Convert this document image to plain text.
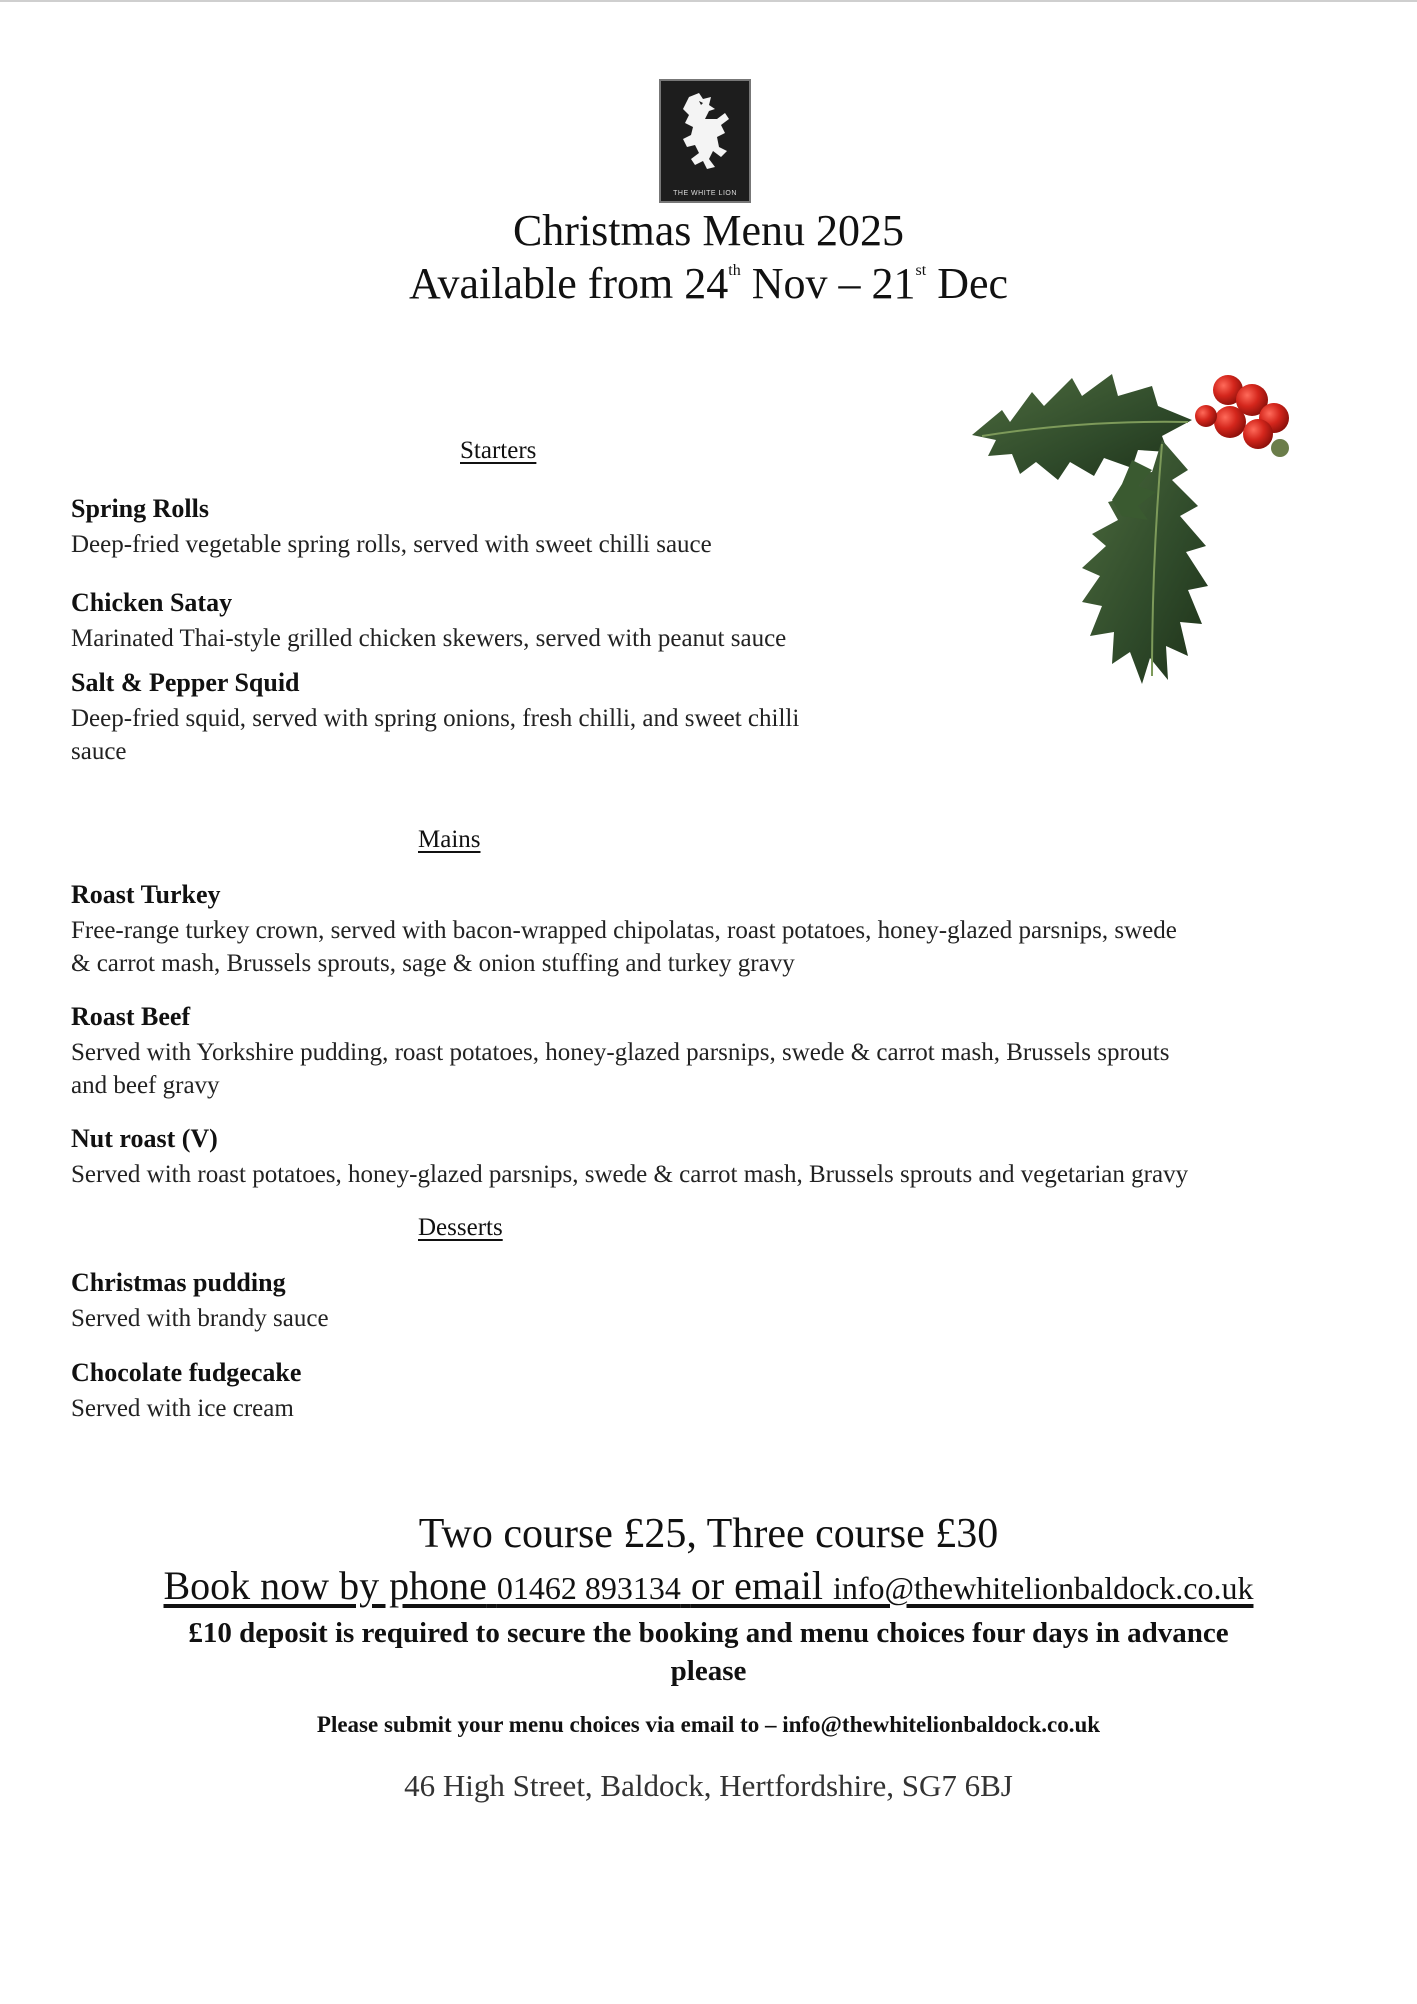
THE WHITE LION
Christmas Menu 2025
Available from 24th Nov – 21st Dec
Starters
Spring Rolls
Deep-fried vegetable spring rolls, served with sweet chilli sauce
Chicken Satay
Marinated Thai-style grilled chicken skewers, served with peanut sauce
Salt & Pepper Squid
Deep-fried squid, served with spring onions, fresh chilli, and sweet chilli
sauce
Mains
Roast Turkey
Free-range turkey crown, served with bacon-wrapped chipolatas, roast potatoes, honey-glazed parsnips, swede
& carrot mash, Brussels sprouts, sage & onion stuffing and turkey gravy
Roast Beef
Served with Yorkshire pudding, roast potatoes, honey-glazed parsnips, swede & carrot mash, Brussels sprouts
and beef gravy
Nut roast (V)
Served with roast potatoes, honey-glazed parsnips, swede & carrot mash, Brussels sprouts and vegetarian gravy
Desserts
Christmas pudding
Served with brandy sauce
Chocolate fudgecake
Served with ice cream
Two course £25, Three course £30
Book now by phone 01462 893134 or email info@thewhitelionbaldock.co.uk
£10 deposit is required to secure the booking and menu choices four days in advance
please
Please submit your menu choices via email to – info@thewhitelionbaldock.co.uk
46 High Street, Baldock, Hertfordshire, SG7 6BJ
